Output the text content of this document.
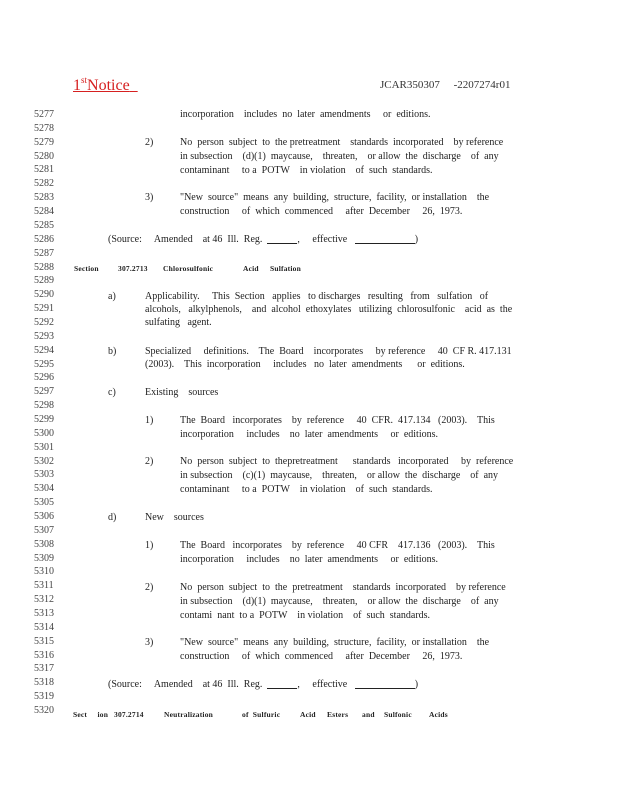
1stNotice	JCAR350307     -2207274r01
5277
5278
5279
5280
5281
5282
5283
5284
5285
5286
5287
5288
5289
5290
5291
5292
5293
5294
5295
5296
5297
5298
5299
5300
5301
5302
5303
5304
5305
5306
5307
5308
5309
5310
5311
5312
5313
5314
5315
5316
5317
5318
5319
5320
incorporation    includes  no  later  amendments     or  editions.
2)	No  person  subject  to  the pretreatment    standards  incorporated    by reference
in subsection    (d)(1)  maycause,    threaten,    or allow  the  discharge    of  any
contaminant     to a  POTW    in violation    of  such  standards.
3)	"New  source"  means  any  building,  structure,  facility,  or installation    the
construction     of  which  commenced     after  December     26,  1973.
(Source:     Amended    at 46  Ill.  Reg.	,     effective	)
Section	307.2713 Chlorosulfonic	Acid Sulfation
a)	Applicability.     This  Section   applies   to discharges   resulting   from   sulfation   of
alcohols,   alkylphenols,    and  alcohol  ethoxylates   utilizing  chlorosulfonic    acid  as  the
sulfating   agent.
b)	Specialized     definitions.    The  Board    incorporates     by reference     40  CF R. 417.131
(2003).    This  incorporation     includes   no  later  amendments      or  editions.
c)	Existing    sources
1)	The  Board   incorporates    by  reference     40  CFR.  417.134   (2003).    This
incorporation     includes    no  later  amendments     or  editions.
2)	No  person  subject  to  thepretreatment      standards   incorporated     by  reference
in subsection    (c)(1)  maycause,    threaten,    or allow  the  discharge    of  any
contaminant     to a  POTW    in violation    of  such  standards.
d)	New    sources
1)	The  Board   incorporates    by  reference     40 CFR    417.136   (2003).    This
incorporation     includes    no  later  amendments     or  editions.
2)	No  person  subject  to  the  pretreatment    standards  incorporated    by reference
in subsection    (d)(1)  maycause,    threaten,    or allow  the  discharge    of  any
contami  nant  to a  POTW    in violation    of  such  standards.
3)	"New  source"  means  any  building,  structure,  facility,  or installation    the
construction     of  which  commenced     after  December     26,  1973.
(Source:     Amended    at 46  Ill.  Reg.	,     effective	)
Sect     ion 307.2714	Neutralization	of  Sulfuric	Acid Esters and Sulfonic Acids
